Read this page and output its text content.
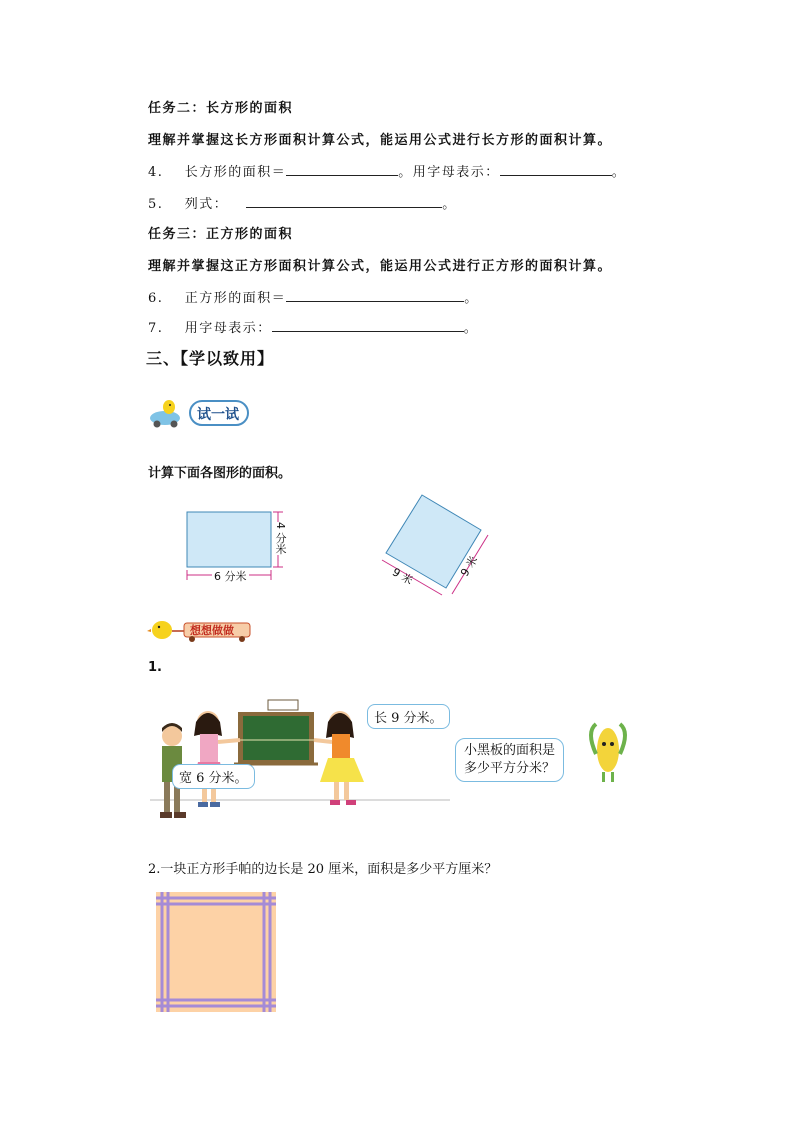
任务二：长方形的面积
理解并掌握这长方形面积计算公式，能运用公式进行长方形的面积计算。
4. 长方形的面积＝	。用字母表示：	。
5. 列式：	。
任务三：正方形的面积
理解并掌握这正方形面积计算公式，能运用公式进行正方形的面积计算。
6. 正方形的面积＝	。
7. 用字母表示：	。
三、【学以致用】
试一试
计算下面各图形的面积。
6 分米
4 分米
9 米	9 米
想想做做
1.
长 9 分米。
宽 6 分米。
小黑板的面积是
多少平方分米？
2.一块正方形手帕的边长是 20 厘米，面积是多少平方厘米？
